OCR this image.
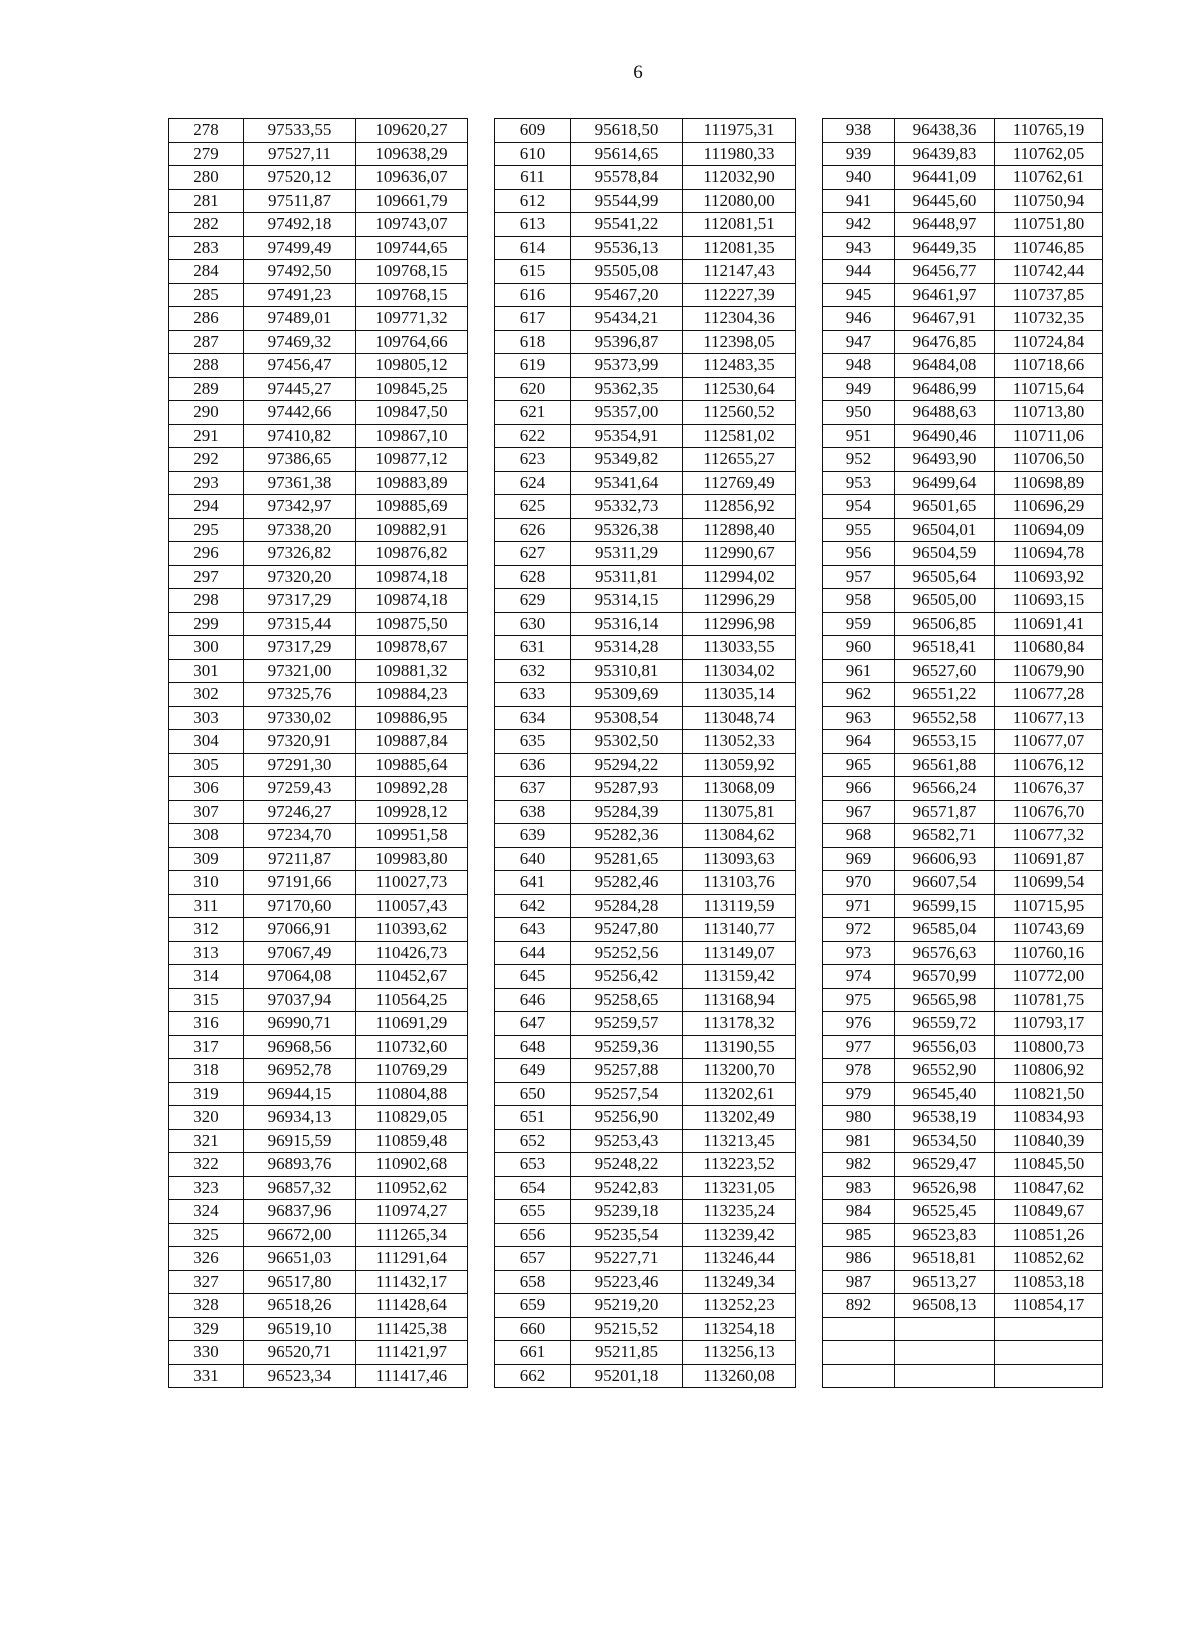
6
278	97533,55	109620,27		609	95618,50	111975,31		938	96438,36	110765,19
279	97527,11	109638,29		610	95614,65	111980,33		939	96439,83	110762,05
280	97520,12	109636,07		611	95578,84	112032,90		940	96441,09	110762,61
281	97511,87	109661,79		612	95544,99	112080,00		941	96445,60	110750,94
282	97492,18	109743,07		613	95541,22	112081,51		942	96448,97	110751,80
283	97499,49	109744,65		614	95536,13	112081,35		943	96449,35	110746,85
284	97492,50	109768,15		615	95505,08	112147,43		944	96456,77	110742,44
285	97491,23	109768,15		616	95467,20	112227,39		945	96461,97	110737,85
286	97489,01	109771,32		617	95434,21	112304,36		946	96467,91	110732,35
287	97469,32	109764,66		618	95396,87	112398,05		947	96476,85	110724,84
288	97456,47	109805,12		619	95373,99	112483,35		948	96484,08	110718,66
289	97445,27	109845,25		620	95362,35	112530,64		949	96486,99	110715,64
290	97442,66	109847,50		621	95357,00	112560,52		950	96488,63	110713,80
291	97410,82	109867,10		622	95354,91	112581,02		951	96490,46	110711,06
292	97386,65	109877,12		623	95349,82	112655,27		952	96493,90	110706,50
293	97361,38	109883,89		624	95341,64	112769,49		953	96499,64	110698,89
294	97342,97	109885,69		625	95332,73	112856,92		954	96501,65	110696,29
295	97338,20	109882,91		626	95326,38	112898,40		955	96504,01	110694,09
296	97326,82	109876,82		627	95311,29	112990,67		956	96504,59	110694,78
297	97320,20	109874,18		628	95311,81	112994,02		957	96505,64	110693,92
298	97317,29	109874,18		629	95314,15	112996,29		958	96505,00	110693,15
299	97315,44	109875,50		630	95316,14	112996,98		959	96506,85	110691,41
300	97317,29	109878,67		631	95314,28	113033,55		960	96518,41	110680,84
301	97321,00	109881,32		632	95310,81	113034,02		961	96527,60	110679,90
302	97325,76	109884,23		633	95309,69	113035,14		962	96551,22	110677,28
303	97330,02	109886,95		634	95308,54	113048,74		963	96552,58	110677,13
304	97320,91	109887,84		635	95302,50	113052,33		964	96553,15	110677,07
305	97291,30	109885,64		636	95294,22	113059,92		965	96561,88	110676,12
306	97259,43	109892,28		637	95287,93	113068,09		966	96566,24	110676,37
307	97246,27	109928,12		638	95284,39	113075,81		967	96571,87	110676,70
308	97234,70	109951,58		639	95282,36	113084,62		968	96582,71	110677,32
309	97211,87	109983,80		640	95281,65	113093,63		969	96606,93	110691,87
310	97191,66	110027,73		641	95282,46	113103,76		970	96607,54	110699,54
311	97170,60	110057,43		642	95284,28	113119,59		971	96599,15	110715,95
312	97066,91	110393,62		643	95247,80	113140,77		972	96585,04	110743,69
313	97067,49	110426,73		644	95252,56	113149,07		973	96576,63	110760,16
314	97064,08	110452,67		645	95256,42	113159,42		974	96570,99	110772,00
315	97037,94	110564,25		646	95258,65	113168,94		975	96565,98	110781,75
316	96990,71	110691,29		647	95259,57	113178,32		976	96559,72	110793,17
317	96968,56	110732,60		648	95259,36	113190,55		977	96556,03	110800,73
318	96952,78	110769,29		649	95257,88	113200,70		978	96552,90	110806,92
319	96944,15	110804,88		650	95257,54	113202,61		979	96545,40	110821,50
320	96934,13	110829,05		651	95256,90	113202,49		980	96538,19	110834,93
321	96915,59	110859,48		652	95253,43	113213,45		981	96534,50	110840,39
322	96893,76	110902,68		653	95248,22	113223,52		982	96529,47	110845,50
323	96857,32	110952,62		654	95242,83	113231,05		983	96526,98	110847,62
324	96837,96	110974,27		655	95239,18	113235,24		984	96525,45	110849,67
325	96672,00	111265,34		656	95235,54	113239,42		985	96523,83	110851,26
326	96651,03	111291,64		657	95227,71	113246,44		986	96518,81	110852,62
327	96517,80	111432,17		658	95223,46	113249,34		987	96513,27	110853,18
328	96518,26	111428,64		659	95219,20	113252,23		892	96508,13	110854,17
329	96519,10	111425,38		660	95215,52	113254,18				
330	96520,71	111421,97		661	95211,85	113256,13				
331	96523,34	111417,46		662	95201,18	113260,08				
